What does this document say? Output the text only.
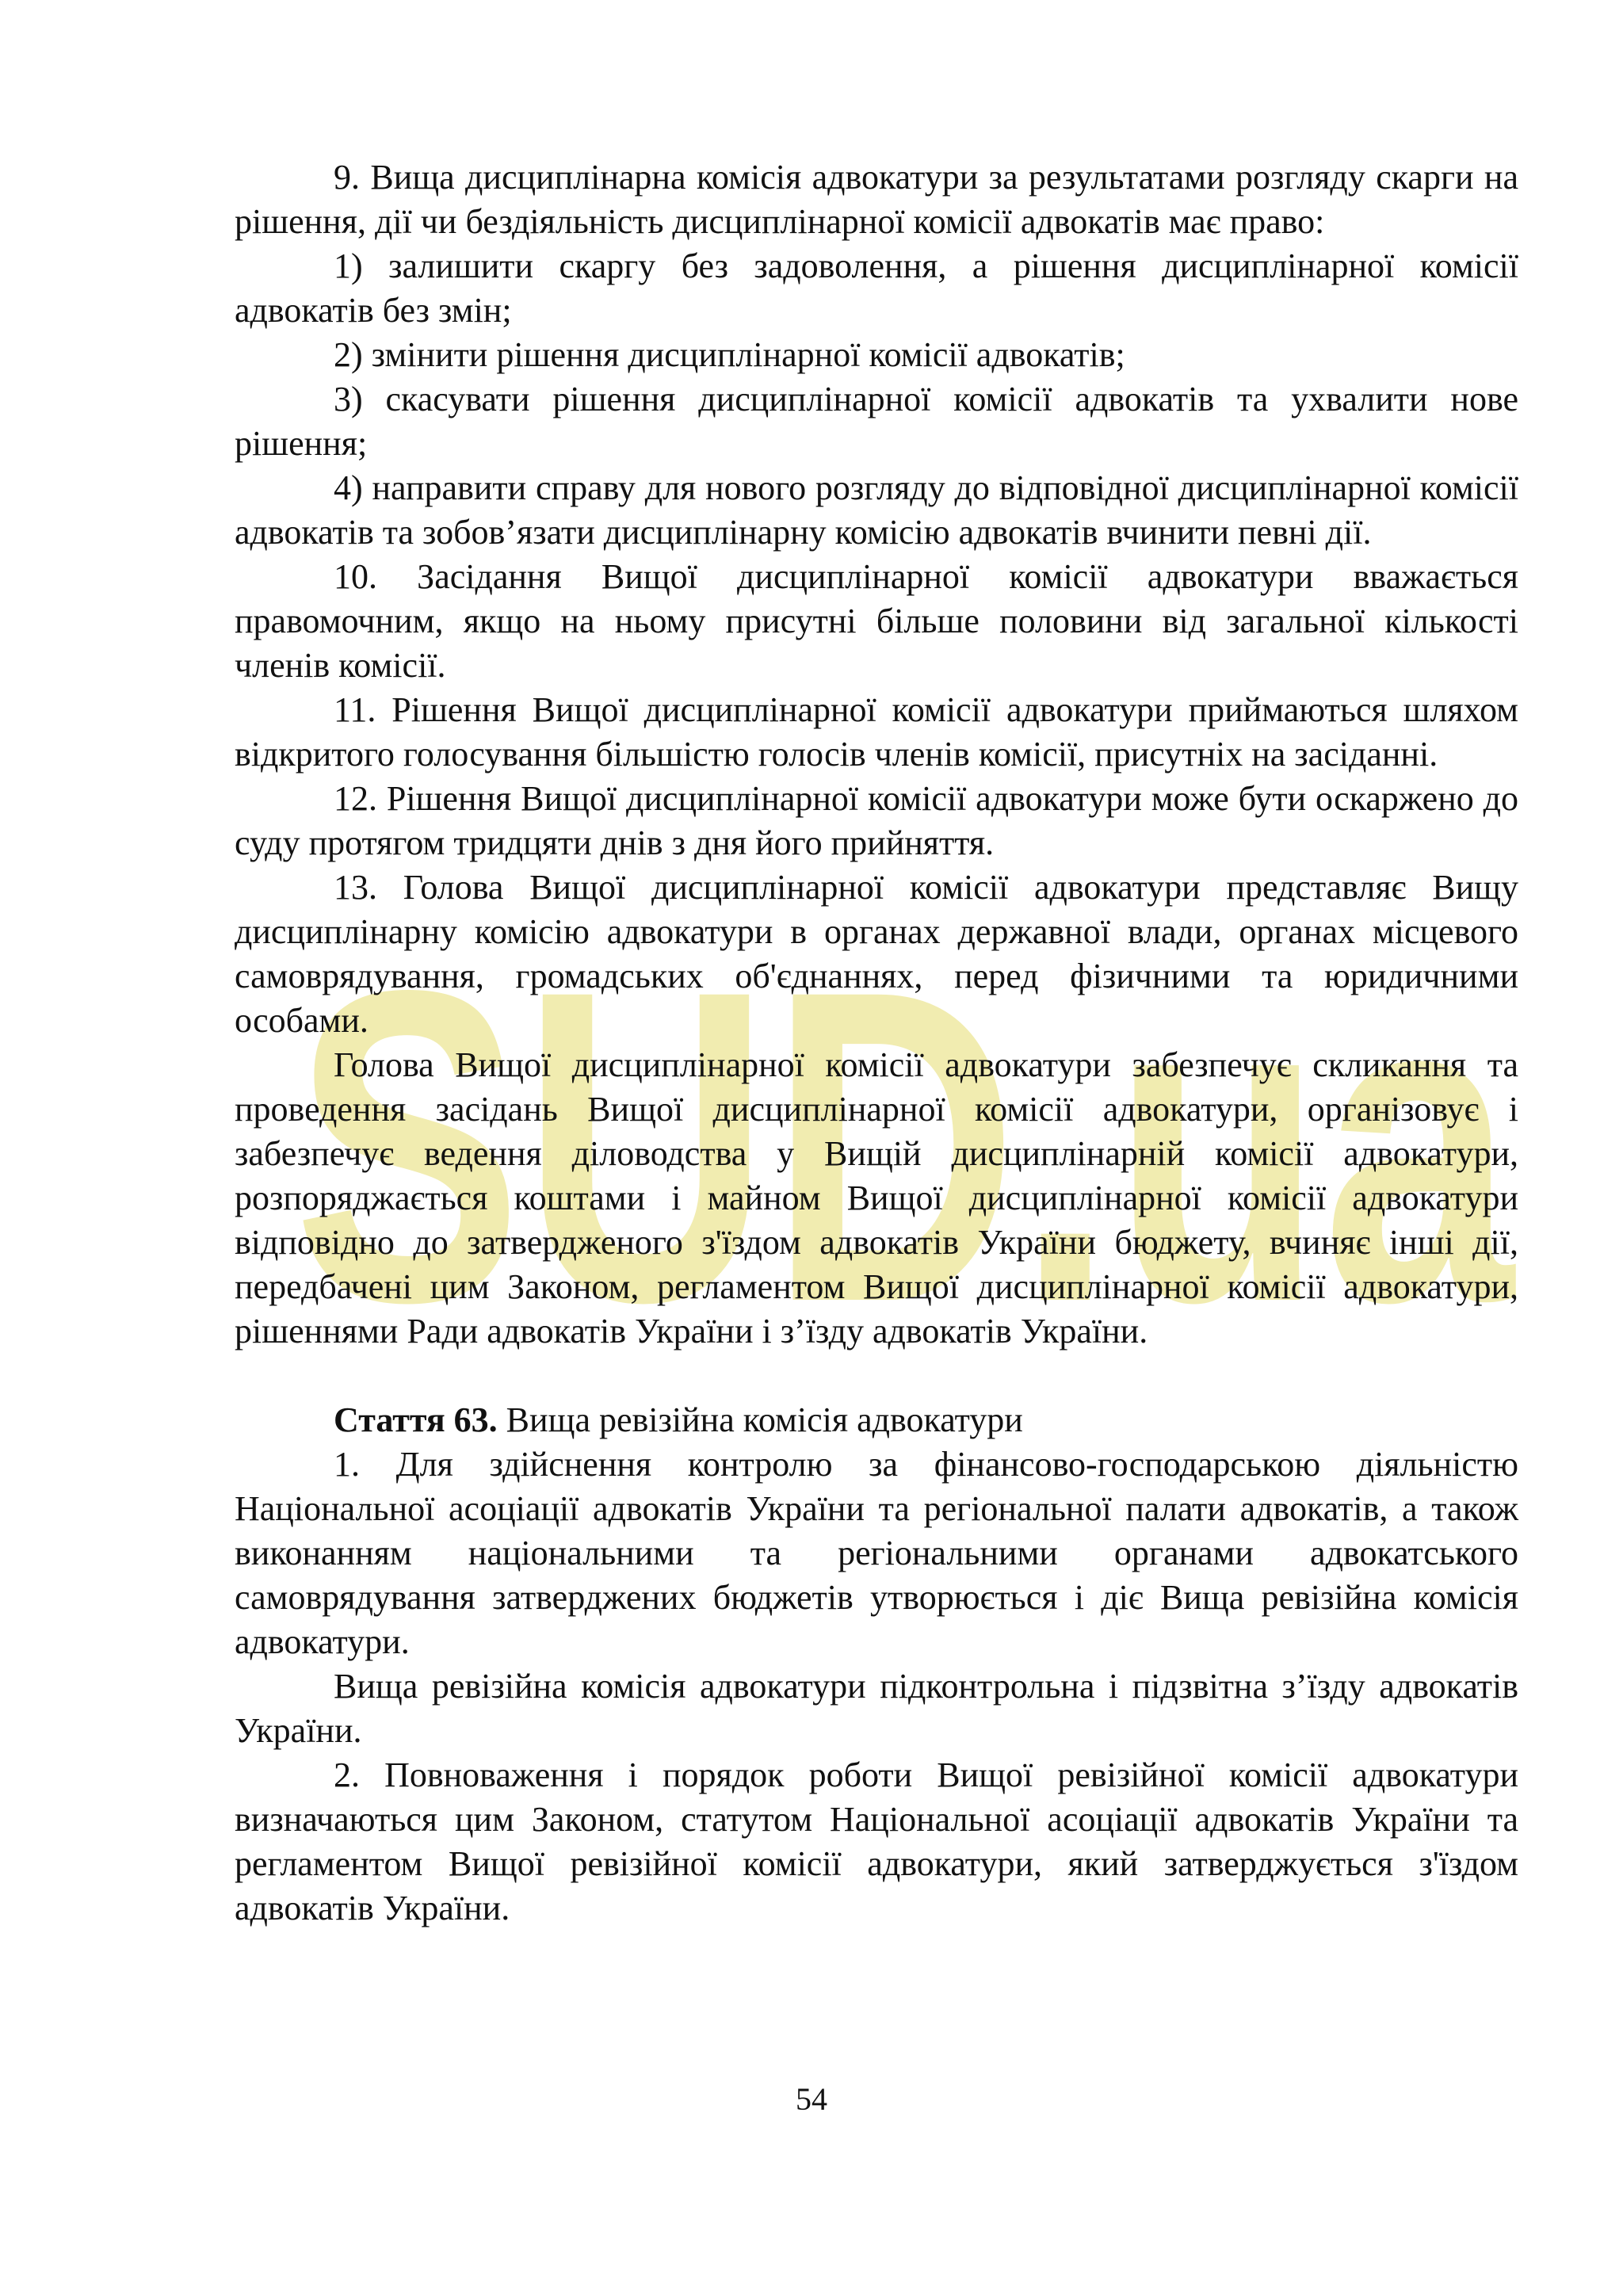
SUD.ua

9. Вища дисциплінарна комісія адвокатури за результатами розгляду скарги на рішення, дії чи бездіяльність дисциплінарної комісії адвокатів має право:

1) залишити скаргу без задоволення, а рішення дисциплінарної комісії адвокатів без змін;

2) змінити рішення дисциплінарної комісії адвокатів;

3) скасувати рішення дисциплінарної комісії адвокатів та ухвалити нове рішення;

4) направити справу для нового розгляду до відповідної дисциплінарної комісії адвокатів та зобов’язати дисциплінарну комісію адвокатів вчинити певні дії.

10. Засідання Вищої дисциплінарної комісії адвокатури вважається правомочним, якщо на ньому присутні більше половини від загальної кількості членів комісії.

11. Рішення Вищої дисциплінарної комісії адвокатури приймаються шляхом відкритого голосування більшістю голосів членів комісії, присутніх на засіданні.

12. Рішення Вищої дисциплінарної комісії адвокатури може бути оскаржено до суду протягом тридцяти днів з дня його прийняття.

13. Голова Вищої дисциплінарної комісії адвокатури представляє Вищу дисциплінарну комісію адвокатури в органах державної влади, органах місцевого самоврядування, громадських об'єднаннях, перед фізичними та юридичними особами.

Голова Вищої дисциплінарної комісії адвокатури забезпечує скликання та проведення засідань Вищої дисциплінарної комісії адвокатури, організовує і забезпечує ведення діловодства у Вищій дисциплінарній комісії адвокатури, розпоряджається коштами і майном Вищої дисциплінарної комісії адвокатури відповідно до затвердженого з'їздом адвокатів України бюджету, вчиняє інші дії, передбачені цим Законом, регламентом Вищої дисциплінарної комісії адвокатури, рішеннями Ради адвокатів України і з’їзду адвокатів України.

Стаття 63. Вища ревізійна комісія адвокатури

1. Для здійснення контролю за фінансово-господарською діяльністю Національної асоціації адвокатів України та регіональної палати адвокатів, а також виконанням національними та регіональними органами адвокатського самоврядування затверджених бюджетів утворюється і діє Вища ревізійна комісія адвокатури.

Вища ревізійна комісія адвокатури підконтрольна і підзвітна з’їзду адвокатів України.

2. Повноваження і порядок роботи Вищої ревізійної комісії адвокатури визначаються цим Законом, статутом Національної асоціації адвокатів України та регламентом Вищої ревізійної комісії адвокатури, який затверджується з'їздом адвокатів України.

54
